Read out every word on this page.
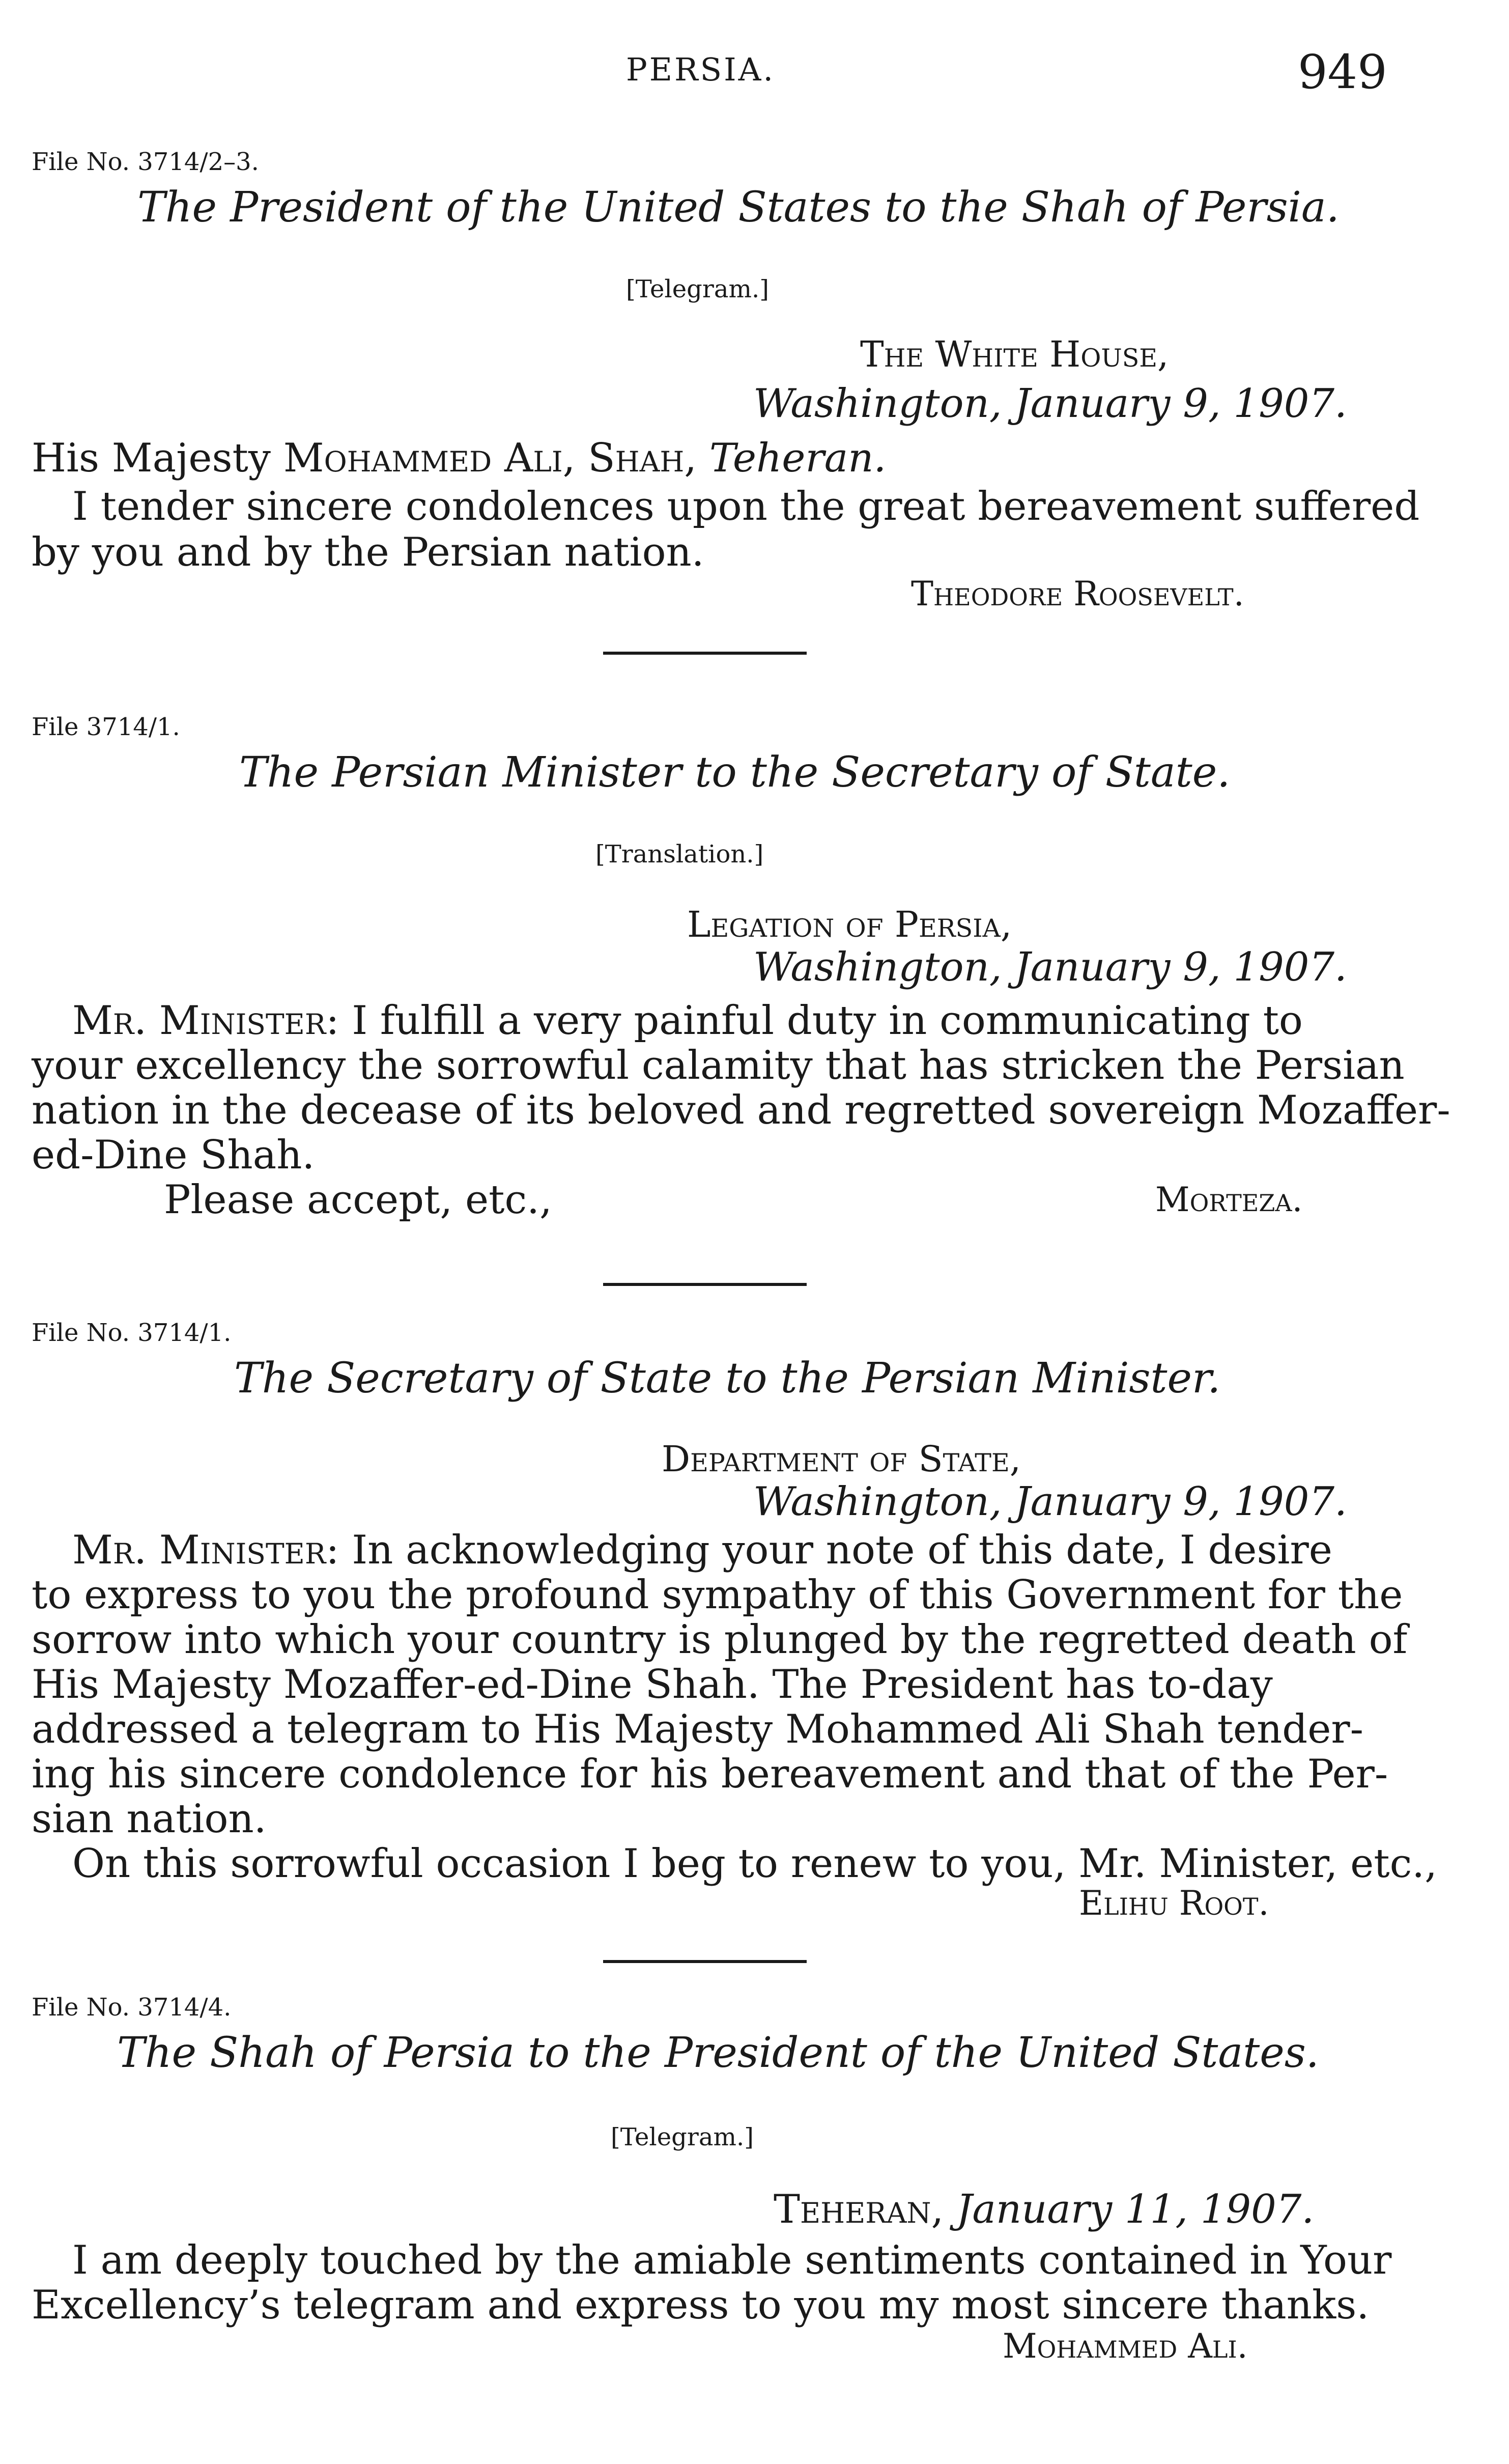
PERSIA.	949
File No. 3714/2–3.
The President of the United States to the Shah of Persia.
[Telegram.]
The White House,
Washington, January 9, 1907.
His Majesty Mohammed Ali, Shah, Teheran.
I tender sincere condolences upon the great bereavement suffered
by you and by the Persian nation.
Theodore Roosevelt.
File 3714/1.
The Persian Minister to the Secretary of State.
[Translation.]
Legation of Persia,
Washington, January 9, 1907.
Mr. Minister: I fulfill a very painful duty in communicating to
your excellency the sorrowful calamity that has stricken the Persian
nation in the decease of its beloved and regretted sovereign Mozaffer-
ed-Dine Shah.
Please accept, etc.,	Morteza.
File No. 3714/1.
The Secretary of State to the Persian Minister.
Department of State,
Washington, January 9, 1907.
Mr. Minister: In acknowledging your note of this date, I desire
to express to you the profound sympathy of this Government for the
sorrow into which your country is plunged by the regretted death of
His Majesty Mozaffer-ed-Dine Shah. The President has to-day
addressed a telegram to His Majesty Mohammed Ali Shah tender-
ing his sincere condolence for his bereavement and that of the Per-
sian nation.
On this sorrowful occasion I beg to renew to you, Mr. Minister, etc.,
Elihu Root.
File No. 3714/4.
The Shah of Persia to the President of the United States.
[Telegram.]
Teheran, January 11, 1907.
I am deeply touched by the amiable sentiments contained in Your
Excellency’s telegram and express to you my most sincere thanks.
Mohammed Ali.
